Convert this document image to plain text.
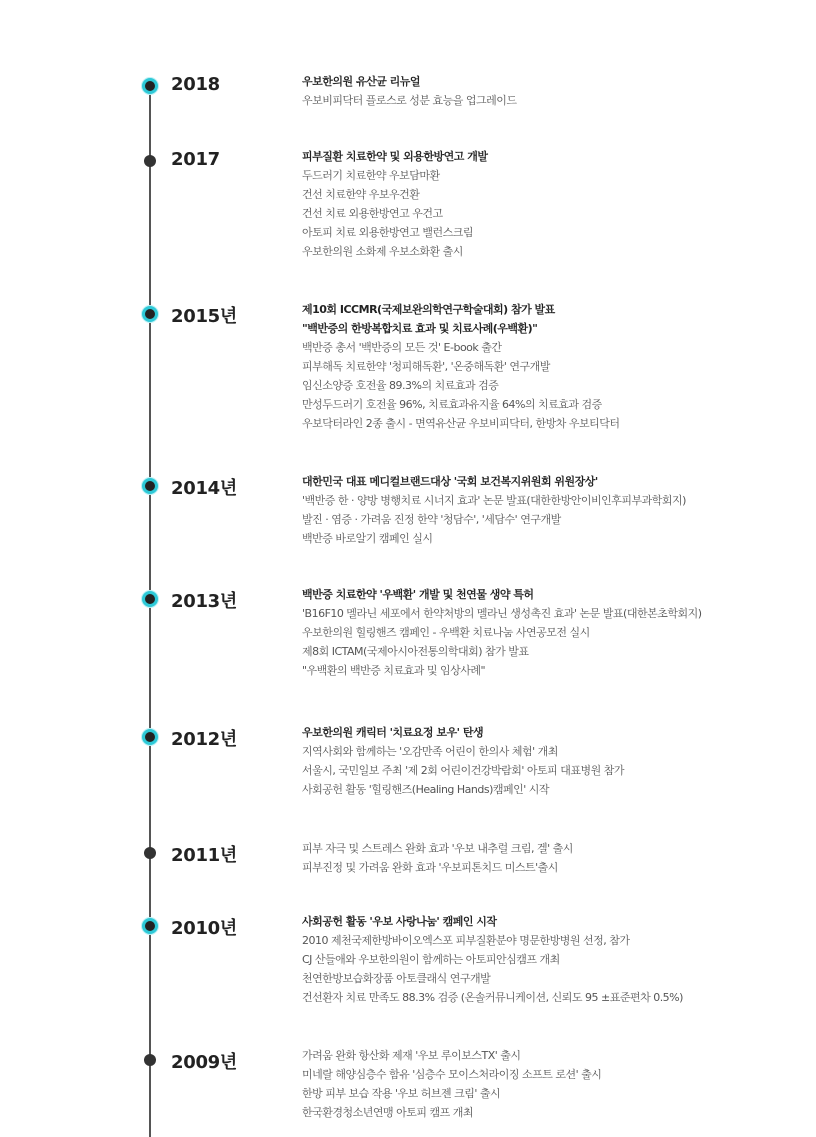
2018	우보한의원 유산균 리뉴얼
우보비피닥터 플로스로 성분 효능을 업그레이드
2017	피부질환 치료한약 및 외용한방연고 개발
두드러기 치료한약 우보담마환
건선 치료한약 우보우건환
건선 치료 외용한방연고 우건고
아토피 치료 외용한방연고 밸런스크림
우보한의원 소화제 우보소화환 출시
2015년	제10회 ICCMR(국제보완의학연구학술대회) 참가 발표
"백반증의 한방복합치료 효과 및 치료사례(우백환)"
백반증 총서 '백반증의 모든 것' E-book 출간
피부해독 치료한약 '청피해독환', '온중해독환' 연구개발
임신소양증 호전율 89.3%의 치료효과 검증
만성두드러기 호전율 96%, 치료효과유지율 64%의 치료효과 검증
우보닥터라인 2종 출시 - 면역유산균 우보비피닥터, 한방차 우보티닥터
2014년	대한민국 대표 메디컬브랜드대상 '국회 보건복지위원회 위원장상'
'백반증 한 · 양방 병행치료 시너지 효과' 논문 발표(대한한방안이비인후피부과학회지)
발진 · 염증 · 가려움 진정 한약 '청담수', '세담수' 연구개발
백반증 바로알기 캠페인 실시
2013년	백반증 치료한약 '우백환' 개발 및 천연물 생약 특허
'B16F10 멜라닌 세포에서 한약처방의 멜라닌 생성촉진 효과' 논문 발표(대한본초학회지)
우보한의원 힐링핸즈 캠페인 - 우백환 치료나눔 사연공모전 실시
제8회 ICTAM(국제아시아전통의학대회) 참가 발표
"우백환의 백반증 치료효과 및 임상사례"
2012년	우보한의원 캐릭터 '치료요정 보우' 탄생
지역사회와 함께하는 '오감만족 어린이 한의사 체험' 개최
서울시, 국민일보 주최 '제 2회 어린이건강박람회' 아토피 대표병원 참가
사회공헌 활동 '힐링핸즈(Healing Hands)캠페인' 시작
2011년	피부 자극 및 스트레스 완화 효과 '우보 내추럴 크림, 겔' 출시
피부진정 및 가려움 완화 효과 '우보피톤치드 미스트'출시
2010년	사회공헌 활동 '우보 사랑나눔' 캠페인 시작
2010 제천국제한방바이오엑스포 피부질환분야 명문한방병원 선정, 참가
CJ 산들애와 우보한의원이 함께하는 아토피안심캠프 개최
천연한방보습화장품 아토클래식 연구개발
건선환자 치료 만족도 88.3% 검증 (온솔커뮤니케이션, 신뢰도 95 ±표준편차 0.5%)
2009년	가려움 완화 항산화 제재 '우보 루이보스TX' 출시
미네랄 해양심층수 함유 '심층수 모이스처라이징 소프트 로션' 출시
한방 피부 보습 작용 '우보 허브젠 크림' 출시
한국환경청소년연맹 아토피 캠프 개최
